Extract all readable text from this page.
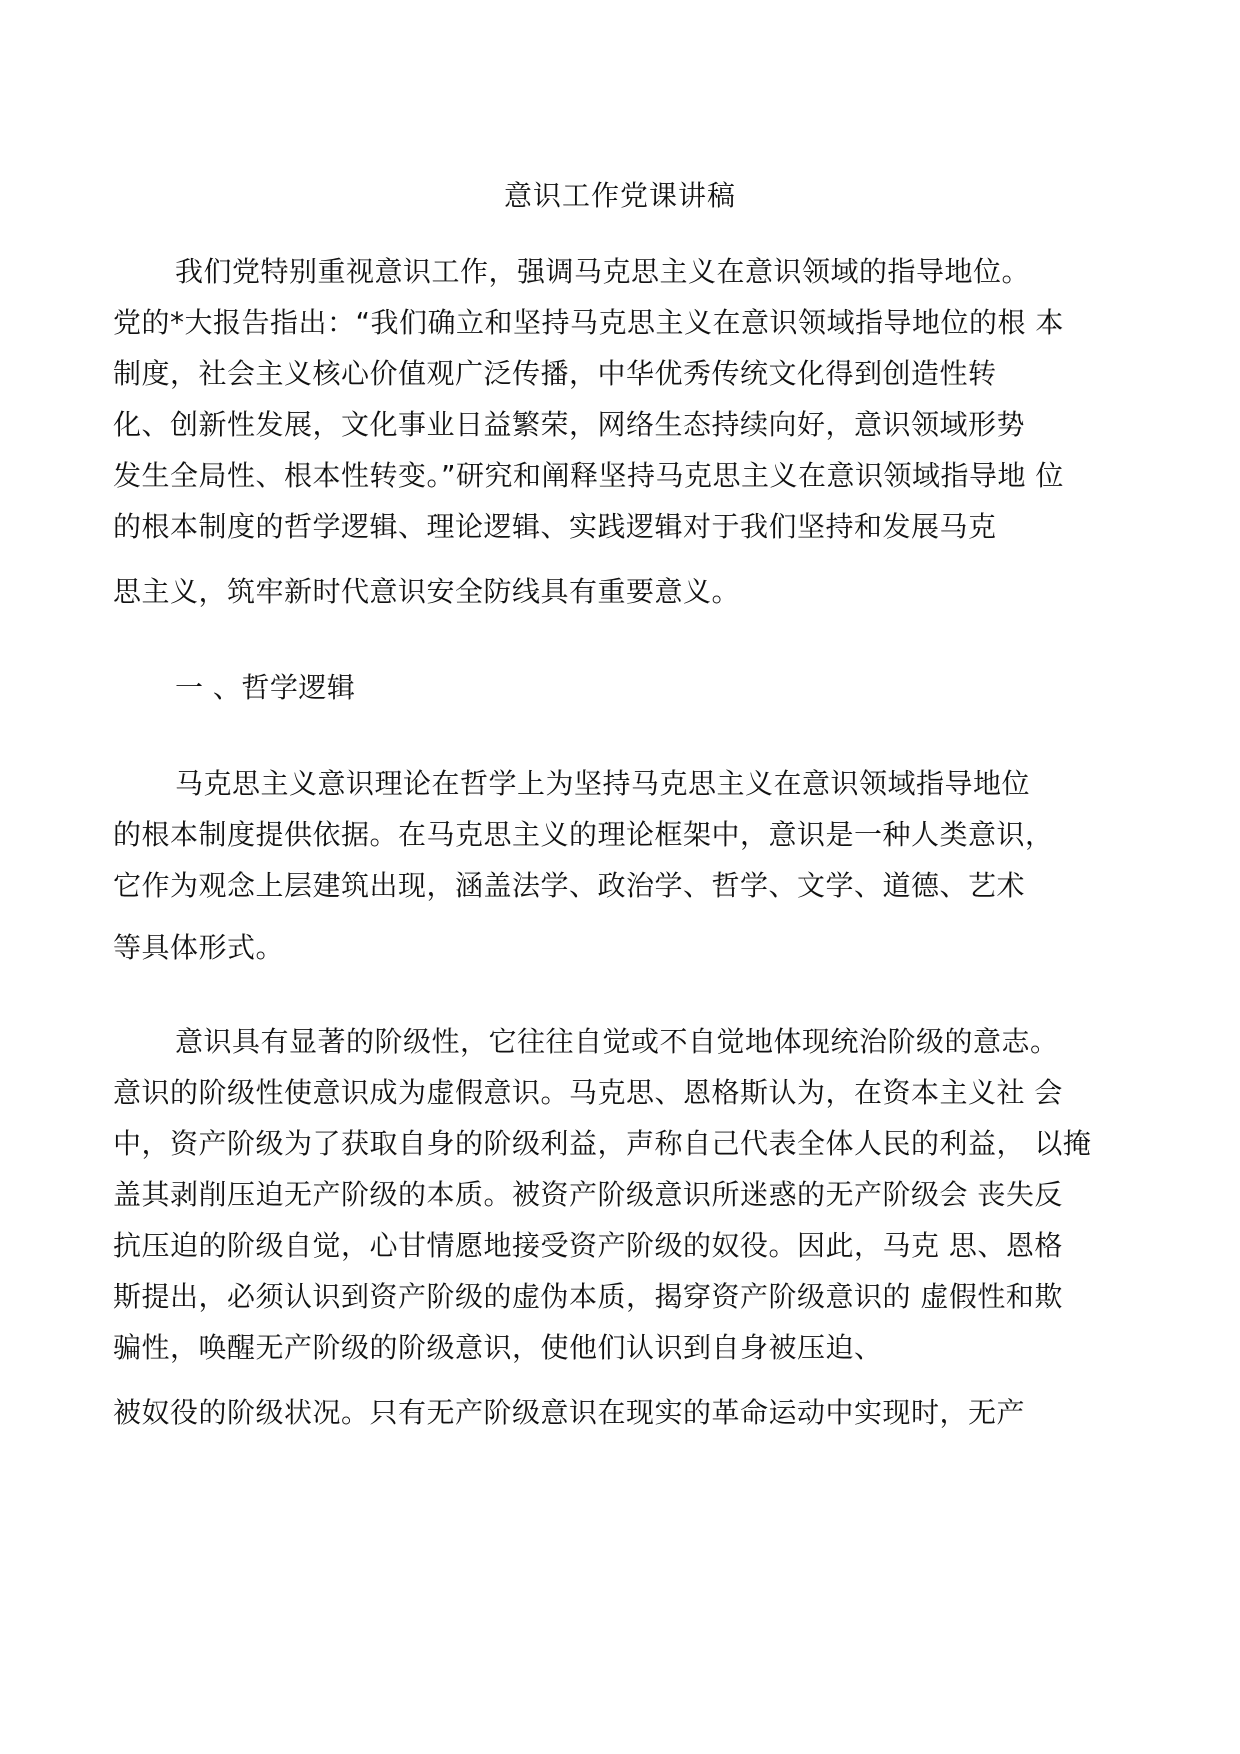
意识工作党课讲稿
我们党特别重视意识工作，强调马克思主义在意识领域的指导地位。
党的*大报告指出：“我们确立和坚持马克思主义在意识领域指导地位的根 本
制度，社会主义核心价值观广泛传播，中华优秀传统文化得到创造性转
化、创新性发展，文化事业日益繁荣，网络生态持续向好，意识领域形势
发生全局性、根本性转变。”研究和阐释坚持马克思主义在意识领域指导地 位
的根本制度的哲学逻辑、理论逻辑、实践逻辑对于我们坚持和发展马克
思主义，筑牢新时代意识安全防线具有重要意义。
一 、哲学逻辑
马克思主义意识理论在哲学上为坚持马克思主义在意识领域指导地位
的根本制度提供依据。在马克思主义的理论框架中，意识是一种人类意识，
它作为观念上层建筑出现，涵盖法学、政治学、哲学、文学、道德、艺术
等具体形式。
意识具有显著的阶级性，它往往自觉或不自觉地体现统治阶级的意志。
意识的阶级性使意识成为虚假意识。马克思、恩格斯认为，在资本主义社 会
中，资产阶级为了获取自身的阶级利益，声称自己代表全体人民的利益， 以掩
盖其剥削压迫无产阶级的本质。被资产阶级意识所迷惑的无产阶级会 丧失反
抗压迫的阶级自觉，心甘情愿地接受资产阶级的奴役。因此，马克 思、恩格
斯提出，必须认识到资产阶级的虚伪本质，揭穿资产阶级意识的 虚假性和欺
骗性，唤醒无产阶级的阶级意识，使他们认识到自身被压迫、
被奴役的阶级状况。只有无产阶级意识在现实的革命运动中实现时，无产
